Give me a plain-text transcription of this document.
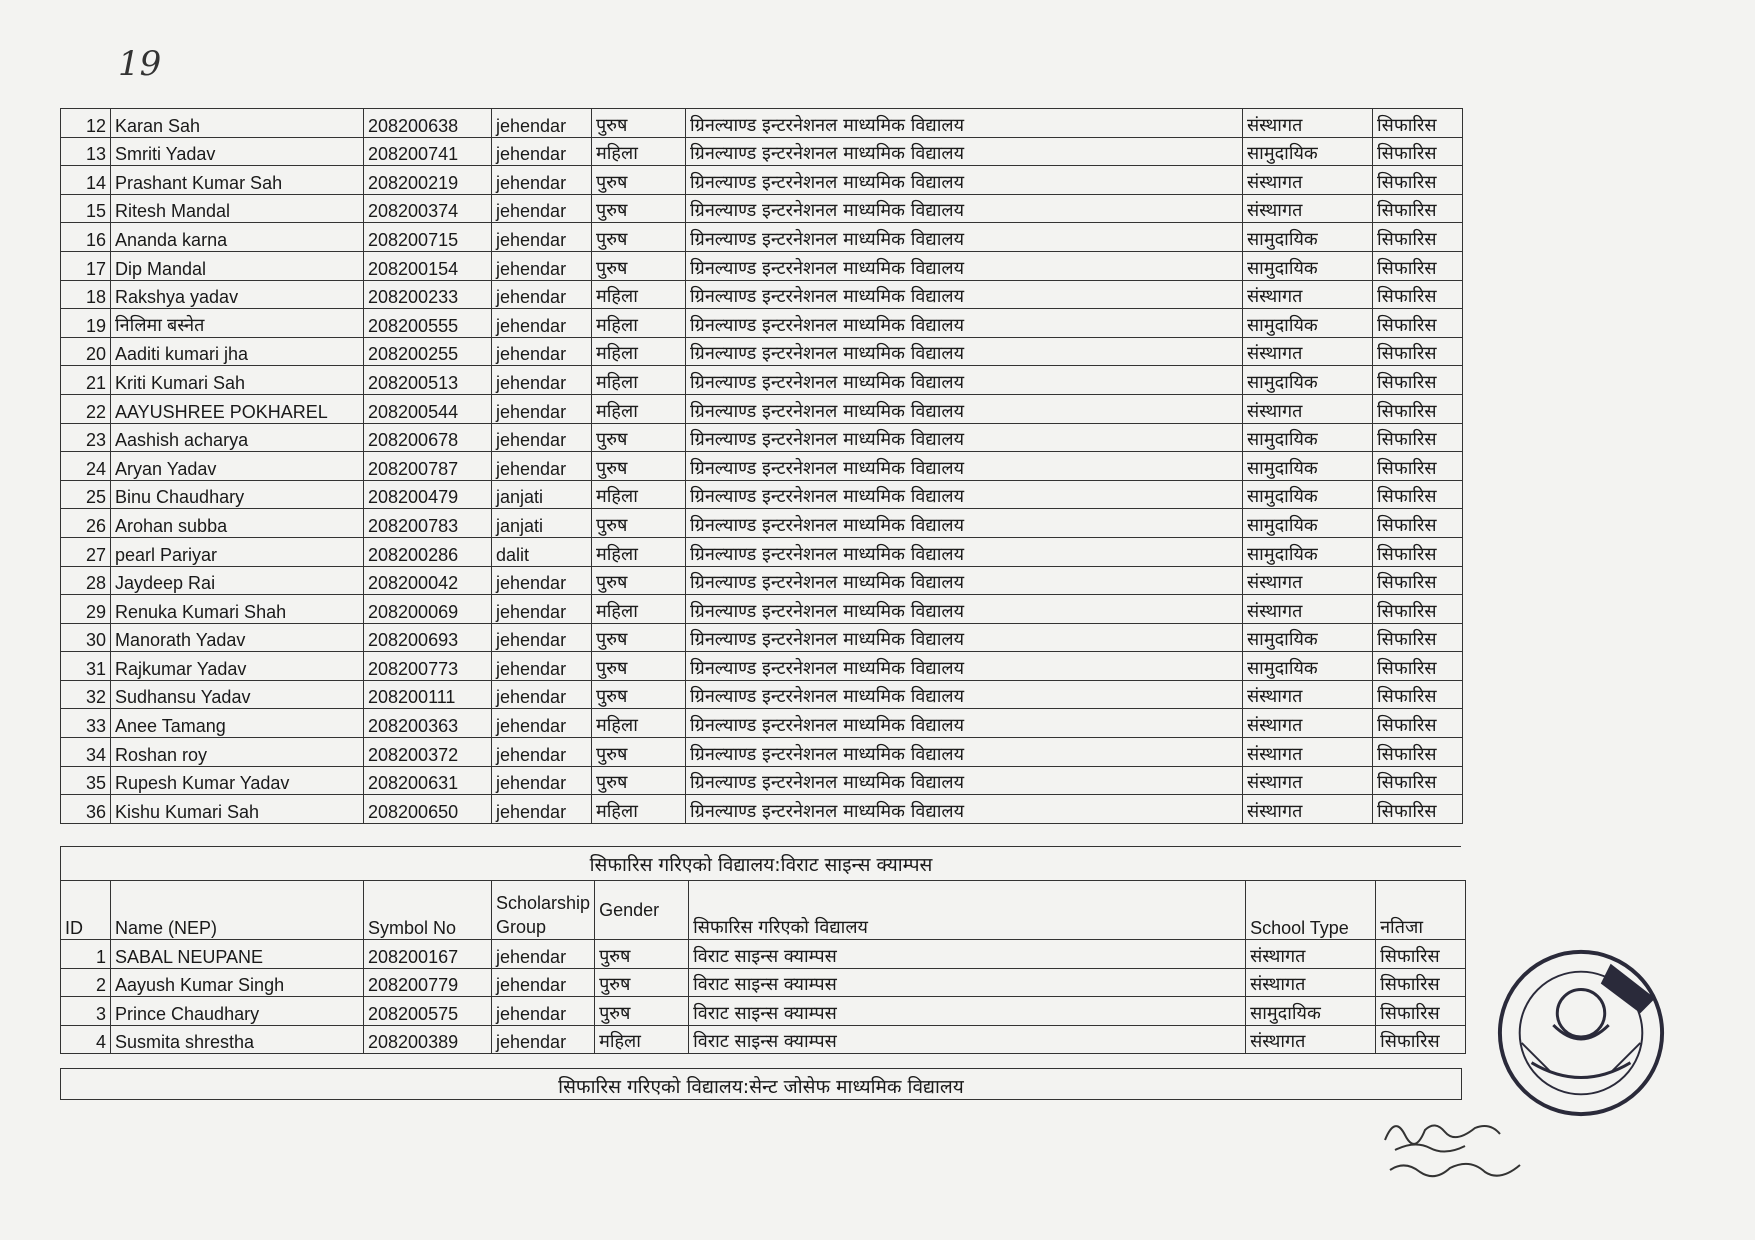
19
12	Karan Sah	208200638	jehendar	पुरुष	ग्रिनल्याण्ड इन्टरनेशनल माध्यमिक विद्यालय	संस्थागत	सिफारिस
13	Smriti Yadav	208200741	jehendar	महिला	ग्रिनल्याण्ड इन्टरनेशनल माध्यमिक विद्यालय	सामुदायिक	सिफारिस
14	Prashant Kumar Sah	208200219	jehendar	पुरुष	ग्रिनल्याण्ड इन्टरनेशनल माध्यमिक विद्यालय	संस्थागत	सिफारिस
15	Ritesh Mandal	208200374	jehendar	पुरुष	ग्रिनल्याण्ड इन्टरनेशनल माध्यमिक विद्यालय	संस्थागत	सिफारिस
16	Ananda karna	208200715	jehendar	पुरुष	ग्रिनल्याण्ड इन्टरनेशनल माध्यमिक विद्यालय	सामुदायिक	सिफारिस
17	Dip Mandal	208200154	jehendar	पुरुष	ग्रिनल्याण्ड इन्टरनेशनल माध्यमिक विद्यालय	सामुदायिक	सिफारिस
18	Rakshya yadav	208200233	jehendar	महिला	ग्रिनल्याण्ड इन्टरनेशनल माध्यमिक विद्यालय	संस्थागत	सिफारिस
19	निलिमा बस्नेत	208200555	jehendar	महिला	ग्रिनल्याण्ड इन्टरनेशनल माध्यमिक विद्यालय	सामुदायिक	सिफारिस
20	Aaditi kumari jha	208200255	jehendar	महिला	ग्रिनल्याण्ड इन्टरनेशनल माध्यमिक विद्यालय	संस्थागत	सिफारिस
21	Kriti Kumari Sah	208200513	jehendar	महिला	ग्रिनल्याण्ड इन्टरनेशनल माध्यमिक विद्यालय	सामुदायिक	सिफारिस
22	AAYUSHREE POKHAREL	208200544	jehendar	महिला	ग्रिनल्याण्ड इन्टरनेशनल माध्यमिक विद्यालय	संस्थागत	सिफारिस
23	Aashish acharya	208200678	jehendar	पुरुष	ग्रिनल्याण्ड इन्टरनेशनल माध्यमिक विद्यालय	सामुदायिक	सिफारिस
24	Aryan Yadav	208200787	jehendar	पुरुष	ग्रिनल्याण्ड इन्टरनेशनल माध्यमिक विद्यालय	सामुदायिक	सिफारिस
25	Binu Chaudhary	208200479	janjati	महिला	ग्रिनल्याण्ड इन्टरनेशनल माध्यमिक विद्यालय	सामुदायिक	सिफारिस
26	Arohan subba	208200783	janjati	पुरुष	ग्रिनल्याण्ड इन्टरनेशनल माध्यमिक विद्यालय	सामुदायिक	सिफारिस
27	pearl Pariyar	208200286	dalit	महिला	ग्रिनल्याण्ड इन्टरनेशनल माध्यमिक विद्यालय	सामुदायिक	सिफारिस
28	Jaydeep Rai	208200042	jehendar	पुरुष	ग्रिनल्याण्ड इन्टरनेशनल माध्यमिक विद्यालय	संस्थागत	सिफारिस
29	Renuka Kumari Shah	208200069	jehendar	महिला	ग्रिनल्याण्ड इन्टरनेशनल माध्यमिक विद्यालय	संस्थागत	सिफारिस
30	Manorath Yadav	208200693	jehendar	पुरुष	ग्रिनल्याण्ड इन्टरनेशनल माध्यमिक विद्यालय	सामुदायिक	सिफारिस
31	Rajkumar Yadav	208200773	jehendar	पुरुष	ग्रिनल्याण्ड इन्टरनेशनल माध्यमिक विद्यालय	सामुदायिक	सिफारिस
32	Sudhansu Yadav	208200111	jehendar	पुरुष	ग्रिनल्याण्ड इन्टरनेशनल माध्यमिक विद्यालय	संस्थागत	सिफारिस
33	Anee Tamang	208200363	jehendar	महिला	ग्रिनल्याण्ड इन्टरनेशनल माध्यमिक विद्यालय	संस्थागत	सिफारिस
34	Roshan roy	208200372	jehendar	पुरुष	ग्रिनल्याण्ड इन्टरनेशनल माध्यमिक विद्यालय	संस्थागत	सिफारिस
35	Rupesh Kumar Yadav	208200631	jehendar	पुरुष	ग्रिनल्याण्ड इन्टरनेशनल माध्यमिक विद्यालय	संस्थागत	सिफारिस
36	Kishu Kumari Sah	208200650	jehendar	महिला	ग्रिनल्याण्ड इन्टरनेशनल माध्यमिक विद्यालय	संस्थागत	सिफारिस
सिफारिस गरिएको विद्यालय:विराट साइन्स क्याम्पस
ID	Name (NEP)	Symbol No	Scholarship Group	Gender	सिफारिस गरिएको विद्यालय	School Type	नतिजा
1	SABAL NEUPANE	208200167	jehendar	पुरुष	विराट साइन्स क्याम्पस	संस्थागत	सिफारिस
2	Aayush Kumar Singh	208200779	jehendar	पुरुष	विराट साइन्स क्याम्पस	संस्थागत	सिफारिस
3	Prince Chaudhary	208200575	jehendar	पुरुष	विराट साइन्स क्याम्पस	सामुदायिक	सिफारिस
4	Susmita shrestha	208200389	jehendar	महिला	विराट साइन्स क्याम्पस	संस्थागत	सिफारिस
सिफारिस गरिएको विद्यालय:सेन्ट जोसेफ माध्यमिक विद्यालय
